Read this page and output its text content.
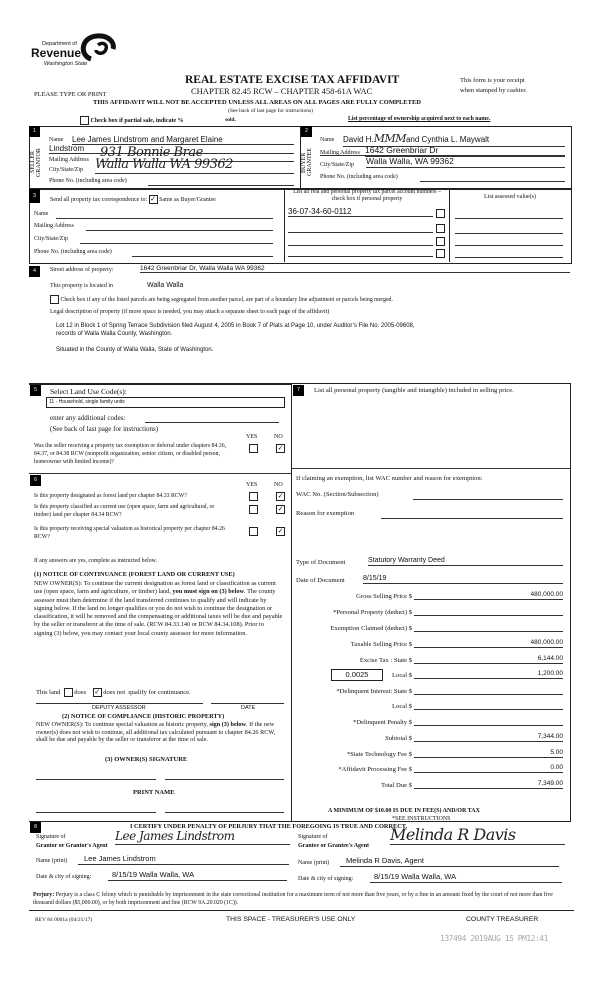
Department of
Revenue
Washington State
REAL ESTATE EXCISE TAX AFFIDAVIT
CHAPTER 82.45 RCW – CHAPTER 458-61A WAC
PLEASE TYPE OR PRINT
This form is your receipt
when stamped by cashier.
THIS AFFIDAVIT WILL NOT BE ACCEPTED UNLESS ALL AREAS ON ALL PAGES ARE FULLY COMPLETED
(See back of last page for instructions)
Check box if partial sale, indicate %	sold.	List percentage of ownership acquired next to each name.
1	2
SELLER GRANTOR	BUYER GRANTEE
Name Lee James Lindstrom and Margaret Elaine
Lindstrom
Mailing Address 931 Bonnie Brae
City/State/Zip Walla Walla WA 99362
Phone No. (including area code)
Name David H.MMMand Cynthia L. Maywalt
Mailing Address 1642 Greenbriar Dr
City/State/Zip Walla Walla, WA 99362
Phone No. (including area code)
3
Send all property tax correspondence to: ✓ Same as Buyer/Grantee
Name
Mailing Address
City/State/Zip
Phone No. (including area code)
List all real and personal property tax parcel account numbers – check box if personal property	List assessed value(s)
36-07-34-60-0112
4	Street address of property:	1642 Greenbriar Dr, Walla Walla WA 99362
This property is located in	Walla Walla
Check box if any of the listed parcels are being segregated from another parcel, are part of a boundary line adjustment or parcels being merged.
Legal description of property (if more space is needed, you may attach a separate sheet to each page of the affidavit)
Lot 12 in Block 1 of Spring Terrace Subdivision filed August 4, 2005 in Book 7 of Plats at Page 10, under Auditor’s File No. 2005-09608,
records of Walla Walla County, Washington.
Situated in the County of Walla Walla, State of Washington.
5	Select Land Use Code(s):
11 - Household, single family units
enter any additional codes:
(See back of last page for instructions)
YES	NO
Was the seller receiving a property tax exemption or deferral under chapters 84.36, 84.37, or 84.38 RCW (nonprofit organization, senior citizen, or disabled person, homeowner with limited income)?
✓
6
YES	NO
Is this property designated as forest land per chapter 84.33 RCW?	✓
Is this property classified as current use (open space, farm and agricultural, or timber) land per chapter 84.34 RCW?
✓
Is this property receiving special valuation as historical property per chapter 84.26 RCW?
✓
If any answers are yes, complete as instructed below.
(1) NOTICE OF CONTINUANCE (FOREST LAND OR CURRENT USE)
NEW OWNER(S): To continue the current designation as forest land or classification as current use (open space, farm and agriculture, or timber) land, you must sign on (3) below. The county assessor must then determine if the land transferred continues to qualify and will indicate by signing below. If the land no longer qualifies or you do not wish to continue the designation or classification, it will be removed and the compensating or additional taxes will be due and payable by the seller or transferor at the time of sale. (RCW 84.33.140 or RCW 84.34.108). Prior to signing (3) below, you may contact your local county assessor for more information.
This land does ✓ does not qualify for continuance.
DEPUTY ASSESSOR	DATE
(2) NOTICE OF COMPLIANCE (HISTORIC PROPERTY)
NEW OWNER(S): To continue special valuation as historic property, sign (3) below. If the new owner(s) does not wish to continue, all additional tax calculated pursuant to chapter 84.26 RCW, shall be due and payable by the seller or transferor at the time of sale.
(3) OWNER(S) SIGNATURE
PRINT NAME
7	List all personal property (tangible and intangible) included in selling price.
If claiming an exemption, list WAC number and reason for exemption:
WAC No. (Section/Subsection)
Reason for exemption
Type of Document	Statutory Warranty Deed
Date of Document	8/15/19
0.0025
Gross Selling Price $	480,000.00
*Personal Property (deduct) $
Exemption Claimed (deduct) $
Taxable Selling Price $	480,000.00
Excise Tax : State $	6,144.00
Local $	1,200.00
*Delinquent Interest: State $
Local $
*Delinquent Penalty $
Subtotal $	7,344.00
*State Technology Fee $	5.00
*Affidavit Processing Fee $	0.00
Total Due $	7,349.00
A MINIMUM OF $10.00 IS DUE IN FEE(S) AND/OR TAX
*SEE INSTRUCTIONS
8	I CERTIFY UNDER PENALTY OF PERJURY THAT THE FOREGOING IS TRUE AND CORRECT.
Signature of
Grantor or Grantor's Agent
Lee James Lindstrom	Signature of
Grantee or Grantee's Agent
Melinda R Davis
Name (print)	Lee James Lindstrom	Name (print)	Melinda R Davis, Agent
Date & city of signing:	8/15/19 Walla Walla, WA	Date & city of signing:	8/15/19 Walla Walla, WA
Perjury: Perjury is a class C felony which is punishable by imprisonment in the state correctional institution for a maximum term of not more than five years, or by a fine in an amount fixed by the court of not more than five thousand dollars ($5,000.00), or by both imprisonment and fine (RCW 9A.20.020 (1C)).
REV 84 0001a (04/21/17)	THIS SPACE - TREASURER'S USE ONLY	COUNTY TREASURER
137494 2019AUG 15 PM12:41
